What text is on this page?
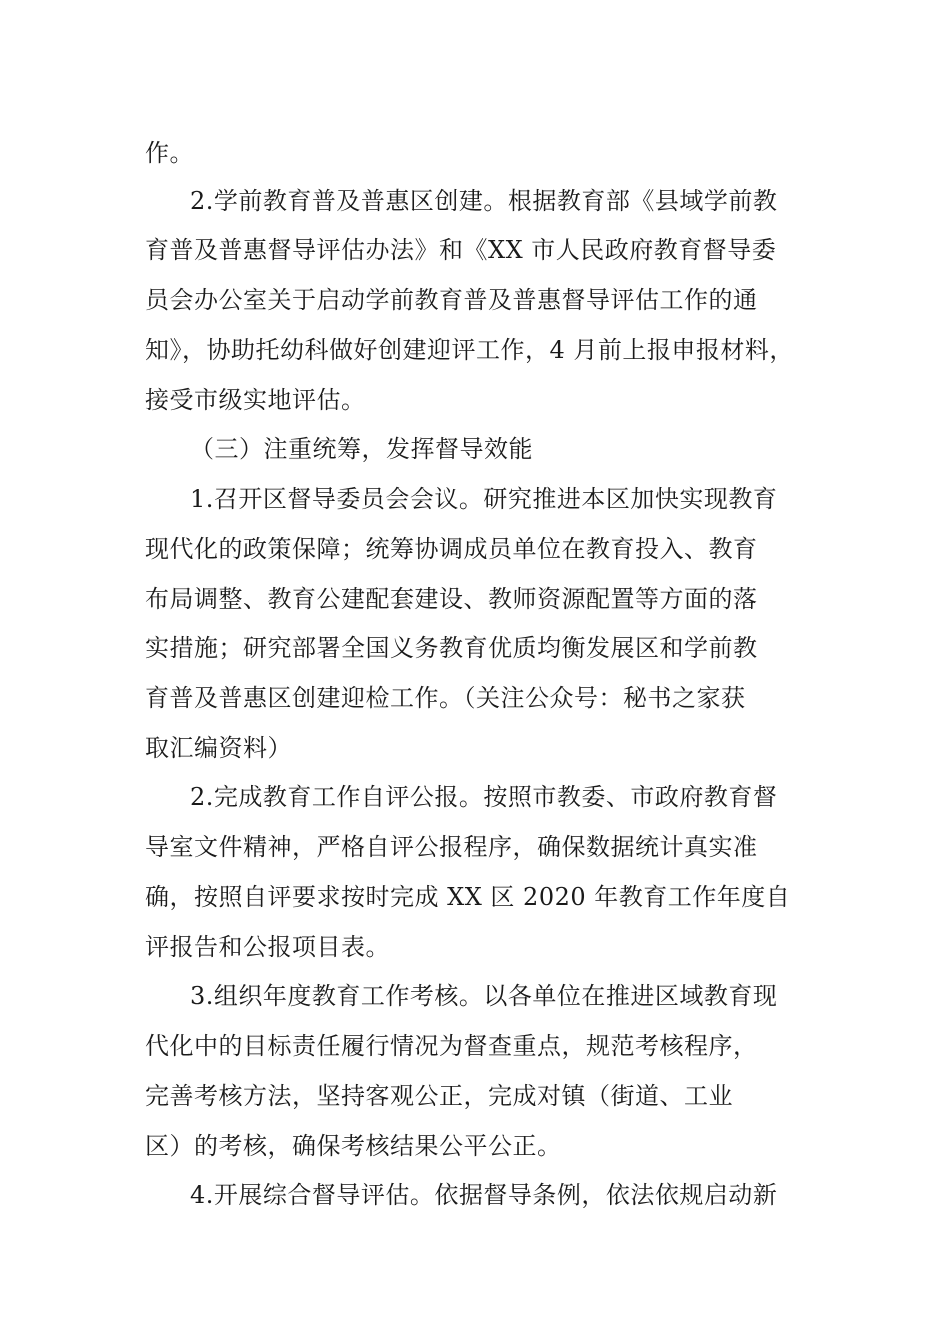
作。
2.学前教育普及普惠区创建。根据教育部《县域学前教
育普及普惠督导评估办法》和《XX 市人民政府教育督导委
员会办公室关于启动学前教育普及普惠督导评估工作的通
知》，协助托幼科做好创建迎评工作，4 月前上报申报材料，
接受市级实地评估。
（三）注重统筹，发挥督导效能
1.召开区督导委员会会议。研究推进本区加快实现教育
现代化的政策保障；统筹协调成员单位在教育投入、教育
布局调整、教育公建配套建设、教师资源配置等方面的落
实措施；研究部署全国义务教育优质均衡发展区和学前教
育普及普惠区创建迎检工作。（关注公众号：秘书之家获
取汇编资料）
2.完成教育工作自评公报。按照市教委、市政府教育督
导室文件精神，严格自评公报程序，确保数据统计真实准
确，按照自评要求按时完成 XX 区 2020 年教育工作年度自
评报告和公报项目表。
3.组织年度教育工作考核。以各单位在推进区域教育现
代化中的目标责任履行情况为督查重点，规范考核程序，
完善考核方法，坚持客观公正，完成对镇（街道、工业
区）的考核，确保考核结果公平公正。
4.开展综合督导评估。依据督导条例，依法依规启动新
